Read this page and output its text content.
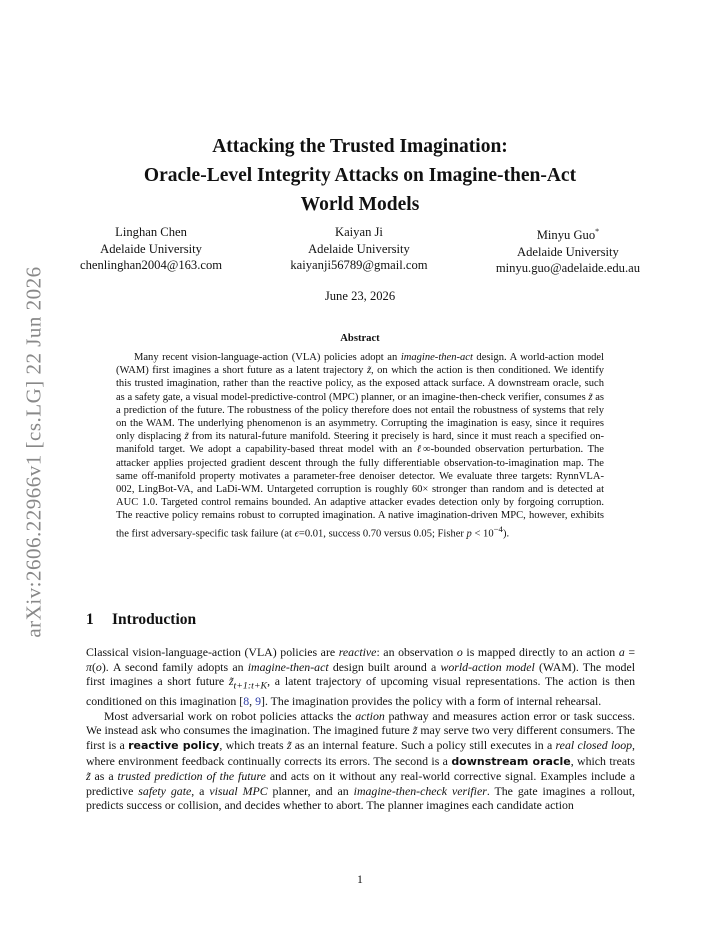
arXiv:2606.22966v1 [cs.LG] 22 Jun 2026
Attacking the Trusted Imagination:
Oracle-Level Integrity Attacks on Imagine-then-Act
World Models
Linghan Chen
Adelaide University
chenlinghan2004@163.com
Kaiyan Ji
Adelaide University
kaiyanji56789@gmail.com
Minyu Guo*
Adelaide University
minyu.guo@adelaide.edu.au
June 23, 2026
Abstract

Many recent vision-language-action (VLA) policies adopt an imagine-then-act design. A world-action model (WAM) first imagines a short future as a latent trajectory z̃, on which the action is then conditioned. We identify this trusted imagination, rather than the reactive policy, as the exposed attack surface. A downstream oracle, such as a safety gate, a visual model-predictive-control (MPC) planner, or an imagine-then-check verifier, consumes z̃ as a prediction of the future. The robustness of the policy therefore does not entail the robustness of systems that rely on the WAM. The underlying phenomenon is an asymmetry. Corrupting the imagination is easy, since it requires only displacing z̃ from its natural-future manifold. Steering it precisely is hard, since it must reach a specified on-manifold target. We adopt a capability-based threat model with an ℓ∞-bounded observation perturbation. The attacker applies projected gradient descent through the fully differentiable observation-to-imagination map. The same off-manifold property motivates a parameter-free denoiser detector. We evaluate three targets: RynnVLA-002, LingBot-VA, and LaDi-WM. Untargeted corruption is roughly 60× stronger than random and is detected at AUC 1.0. Targeted control remains bounded. An adaptive attacker evades detection only by forgoing corruption. The reactive policy remains robust to corrupted imagination. A native imagination-driven MPC, however, exhibits the first adversary-specific task failure (at ϵ=0.01, success 0.70 versus 0.05; Fisher $p < 10^{-4}$).

1 Introduction

Classical vision-language-action (VLA) policies are reactive: an observation o is mapped directly to an action a = π(o). A second family adopts an imagine-then-act design built around a world-action model (WAM). The model first imagines a short future $z̃_{t+1:t+K}$, a latent trajectory of upcoming visual representations. The action is then conditioned on this imagination [8, 9]. The imagination provides the policy with a form of internal rehearsal.

Most adversarial work on robot policies attacks the action pathway and measures action error or task success. We instead ask who consumes the imagination. The imagined future z̃ may serve two very different consumers. The first is a reactive policy, which treats z̃ as an internal feature. Such a policy still executes in a real closed loop, where environment feedback continually corrects its errors. The second is a downstream oracle, which treats z̃ as a trusted prediction of the future and acts on it without any real-world corrective signal. Examples include a predictive safety gate, a visual MPC planner, and an imagine-then-check verifier. The gate imagines a rollout, predicts success or collision, and decides whether to abort. The planner imagines each candidate action

1
